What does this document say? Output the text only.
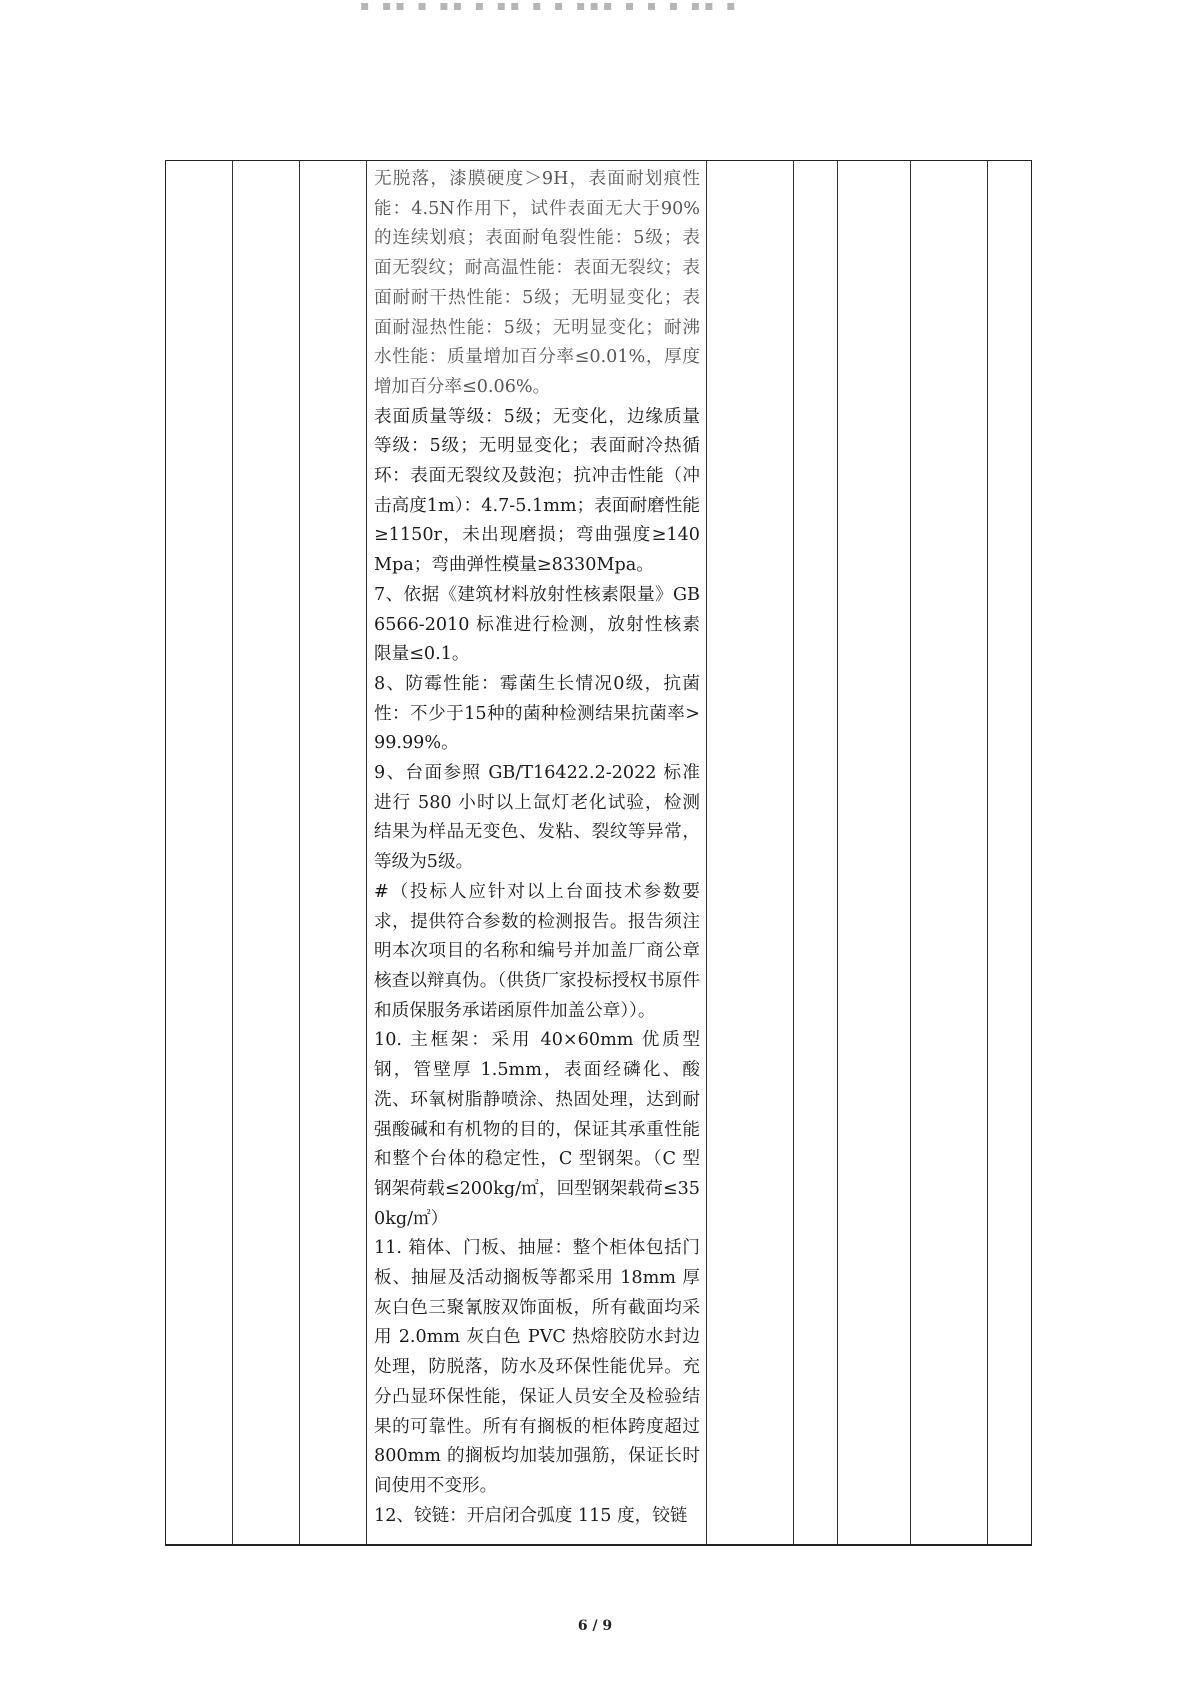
▪ ▪▪ ▪ ▪▪ ▪ ▪▪ ▪ ▪ ▪▪▪ ▪ ▪ ▪ ▪▪ ▪
无脱落，漆膜硬度＞9H，表面耐划痕性能：4.5N作用下，试件表面无大于90%的连续划痕；表面耐龟裂性能：5级；表面无裂纹；耐高温性能：表面无裂纹；表面耐耐干热性能：5级；无明显变化；表面耐湿热性能：5级；无明显变化；耐沸水性能：质量增加百分率≤0.01%，厚度增加百分率≤0.06%。
表面质量等级：5级；无变化，边缘质量等级：5级；无明显变化；表面耐冷热循环：表面无裂纹及鼓泡；抗冲击性能（冲击高度1m）：4.7-5.1mm；表面耐磨性能≥1150r，未出现磨损；弯曲强度≥140Mpa；弯曲弹性模量≥8330Mpa。
7、依据《建筑材料放射性核素限量》GB 6566-2010 标准进行检测，放射性核素限量≤0.1。
8、防霉性能：霉菌生长情况0级，抗菌性：不少于15种的菌种检测结果抗菌率>99.99%。
9、台面参照 GB/T16422.2-2022 标准进行 580 小时以上氙灯老化试验，检测结果为样品无变色、发粘、裂纹等异常，等级为5级。
#（投标人应针对以上台面技术参数要求，提供符合参数的检测报告。报告须注明本次项目的名称和编号并加盖厂商公章核查以辩真伪。（供货厂家投标授权书原件和质保服务承诺函原件加盖公章））。
10. 主框架：采用 40×60mm 优质型钢，管壁厚 1.5mm，表面经磷化、酸洗、环氧树脂静喷涂、热固处理，达到耐强酸碱和有机物的目的，保证其承重性能和整个台体的稳定性，C 型钢架。（C 型钢架荷载≤200kg/㎡，回型钢架载荷≤350kg/㎡）
11. 箱体、门板、抽屉：整个柜体包括门板、抽屉及活动搁板等都采用 18mm 厚灰白色三聚氰胺双饰面板，所有截面均采用 2.0mm 灰白色 PVC 热熔胶防水封边处理，防脱落，防水及环保性能优异。充分凸显环保性能，保证人员安全及检验结果的可靠性。所有有搁板的柜体跨度超过 800mm 的搁板均加装加强筋，保证长时间使用不变形。
12、铰链：开启闭合弧度 115 度，铰链
6 / 9
